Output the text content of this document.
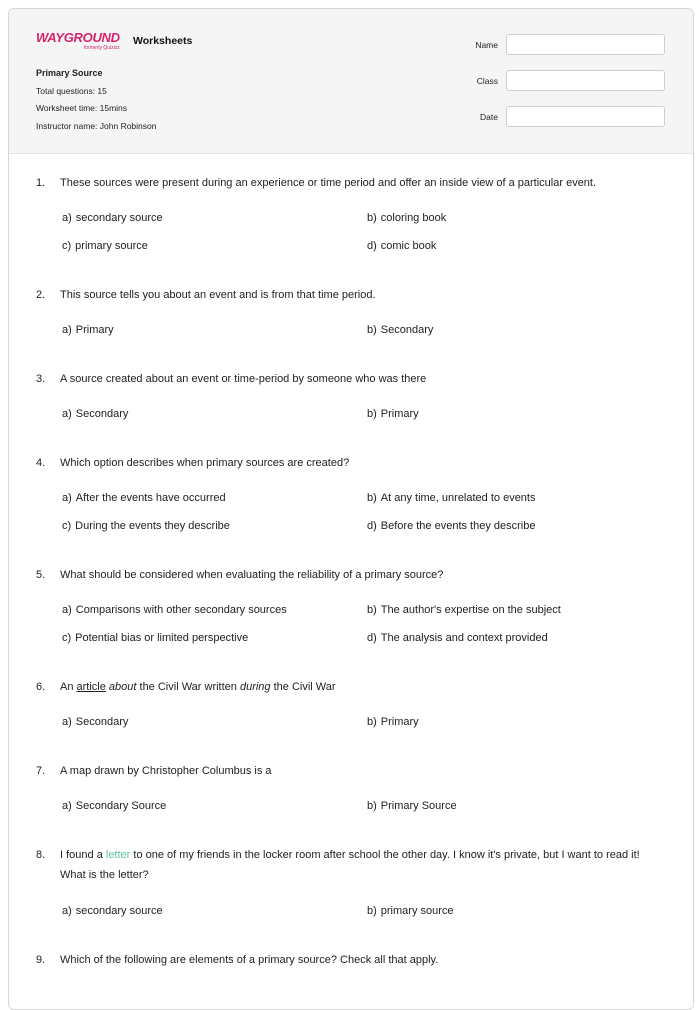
WAYGROUND
formerly Quizizz
Worksheets
Primary Source
Total questions: 15
Worksheet time: 15mins
Instructor name: John Robinson
Name
Class
Date
1. These sources were present during an experience or time period and offer an inside view of a particular event.
a) secondary source	b) coloring book
c) primary source	d) comic book
2. This source tells you about an event and is from that time period.
a) Primary	b) Secondary
3. A source created about an event or time-period by someone who was there
a) Secondary	b) Primary
4. Which option describes when primary sources are created?
a) After the events have occurred	b) At any time, unrelated to events
c) During the events they describe	d) Before the events they describe
5. What should be considered when evaluating the reliability of a primary source?
a) Comparisons with other secondary sources	b) The author's expertise on the subject
c) Potential bias or limited perspective	d) The analysis and context provided
6. An article about the Civil War written during the Civil War
a) Secondary	b) Primary
7. A map drawn by Christopher Columbus is a
a) Secondary Source	b) Primary Source
8. I found a letter to one of my friends in the locker room after school the other day. I know it's private, but I want to read it! What is the letter?
a) secondary source	b) primary source
9. Which of the following are elements of a primary source? Check all that apply.
